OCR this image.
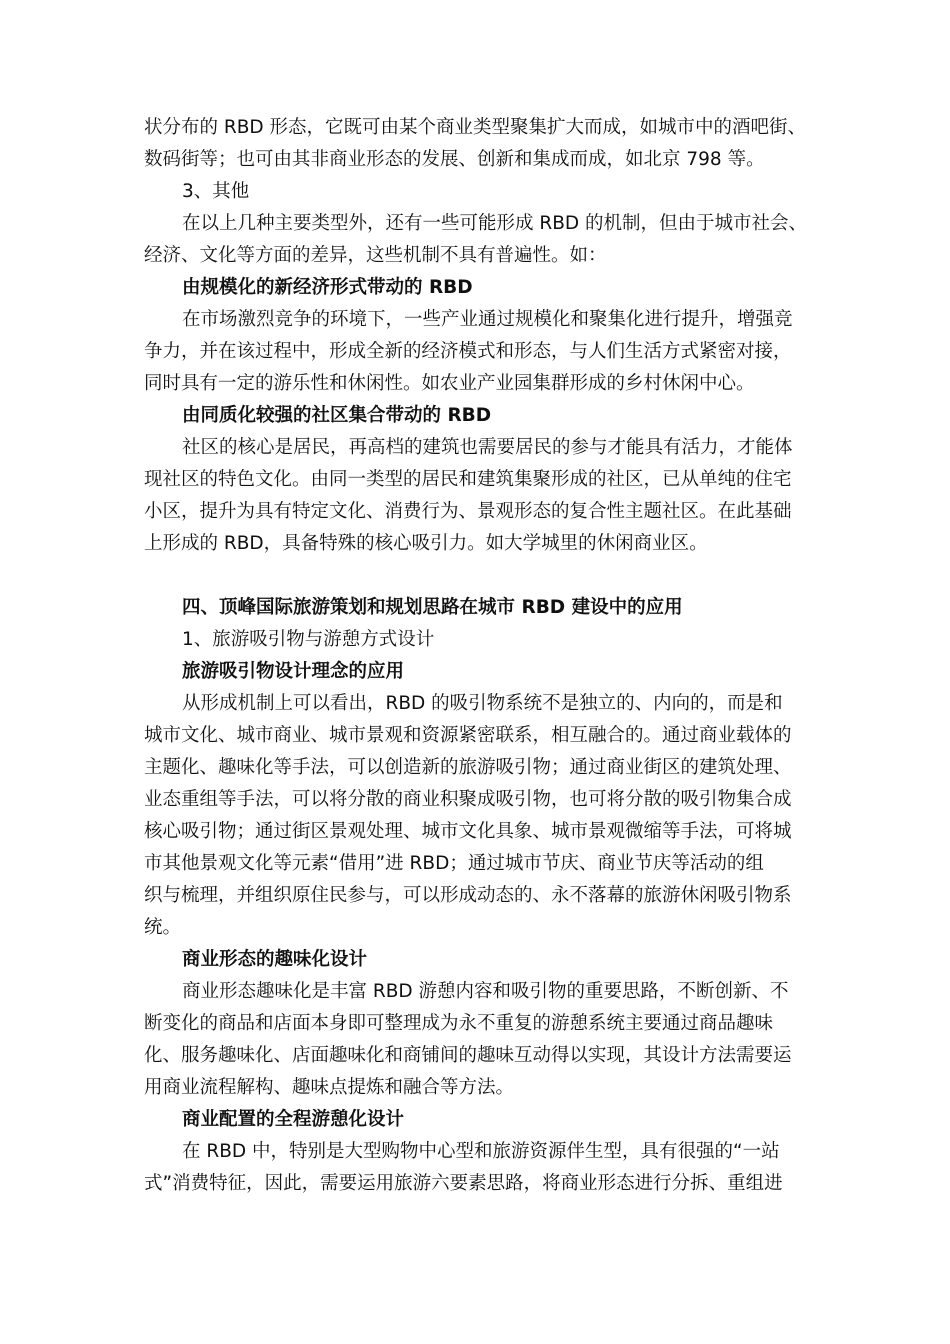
状分布的 RBD 形态，它既可由某个商业类型聚集扩大而成，如城市中的酒吧街、
数码街等；也可由其非商业形态的发展、创新和集成而成，如北京 798 等。
3、其他
在以上几种主要类型外，还有一些可能形成 RBD 的机制，但由于城市社会、
经济、文化等方面的差异，这些机制不具有普遍性。如：
由规模化的新经济形式带动的 RBD
在市场激烈竞争的环境下，一些产业通过规模化和聚集化进行提升，增强竞
争力，并在该过程中，形成全新的经济模式和形态，与人们生活方式紧密对接，
同时具有一定的游乐性和休闲性。如农业产业园集群形成的乡村休闲中心。
由同质化较强的社区集合带动的 RBD
社区的核心是居民，再高档的建筑也需要居民的参与才能具有活力，才能体
现社区的特色文化。由同一类型的居民和建筑集聚形成的社区，已从单纯的住宅
小区，提升为具有特定文化、消费行为、景观形态的复合性主题社区。在此基础
上形成的 RBD，具备特殊的核心吸引力。如大学城里的休闲商业区。
四、顶峰国际旅游策划和规划思路在城市 RBD 建设中的应用
1、旅游吸引物与游憩方式设计
旅游吸引物设计理念的应用
从形成机制上可以看出，RBD 的吸引物系统不是独立的、内向的，而是和
城市文化、城市商业、城市景观和资源紧密联系，相互融合的。通过商业载体的
主题化、趣味化等手法，可以创造新的旅游吸引物；通过商业街区的建筑处理、
业态重组等手法，可以将分散的商业积聚成吸引物，也可将分散的吸引物集合成
核心吸引物；通过街区景观处理、城市文化具象、城市景观微缩等手法，可将城
市其他景观文化等元素“借用”进 RBD；通过城市节庆、商业节庆等活动的组
织与梳理，并组织原住民参与，可以形成动态的、永不落幕的旅游休闲吸引物系
统。
商业形态的趣味化设计
商业形态趣味化是丰富 RBD 游憩内容和吸引物的重要思路，不断创新、不
断变化的商品和店面本身即可整理成为永不重复的游憩系统主要通过商品趣味
化、服务趣味化、店面趣味化和商铺间的趣味互动得以实现，其设计方法需要运
用商业流程解构、趣味点提炼和融合等方法。
商业配置的全程游憩化设计
在 RBD 中，特别是大型购物中心型和旅游资源伴生型，具有很强的“一站
式”消费特征，因此，需要运用旅游六要素思路，将商业形态进行分拆、重组进
